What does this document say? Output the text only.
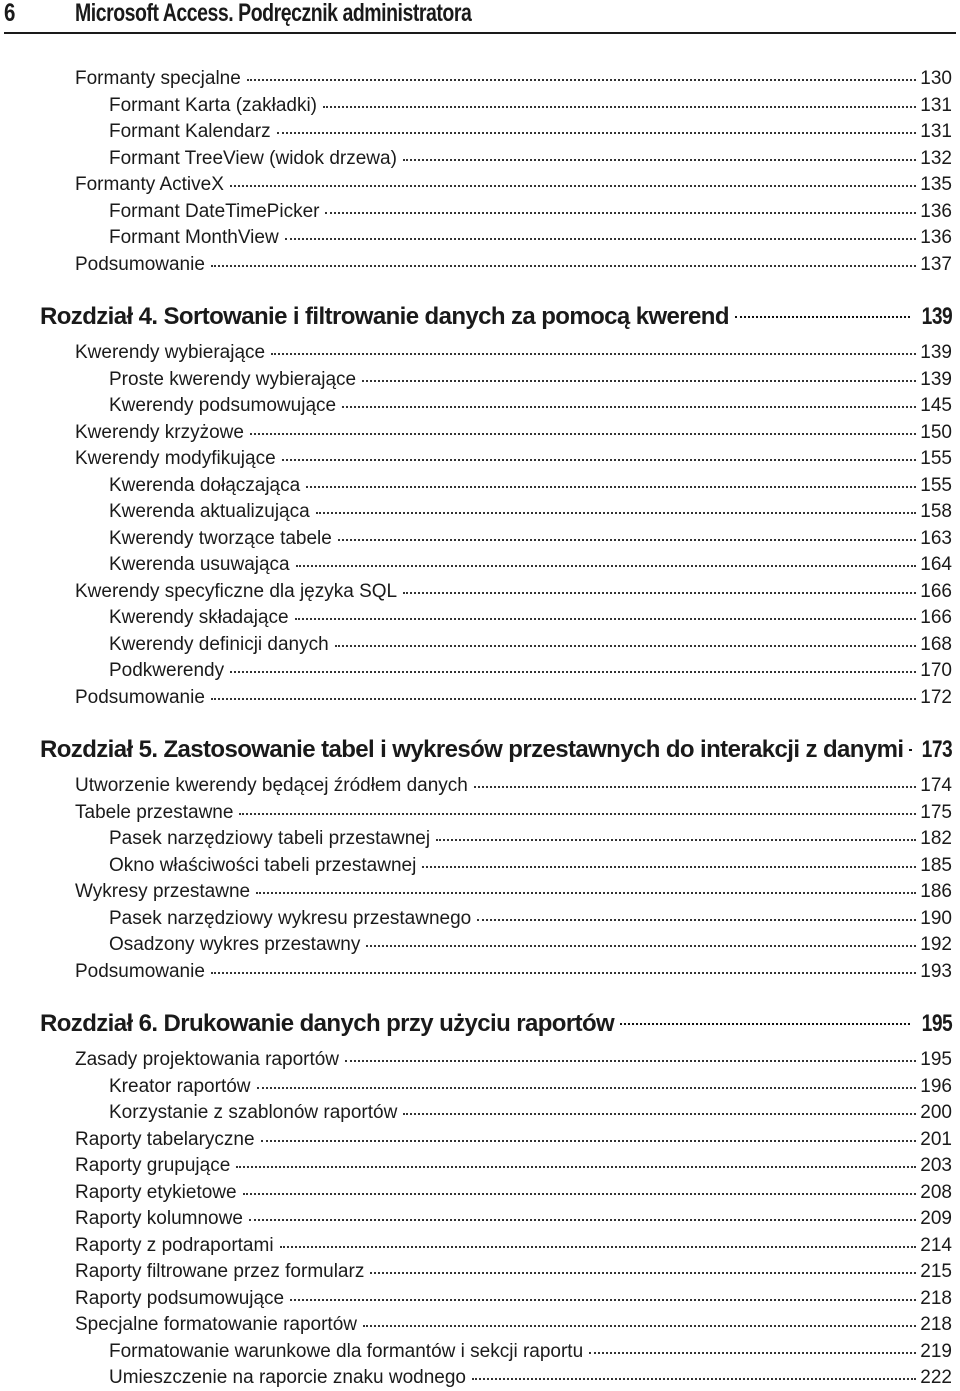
6 Microsoft Access. Podręcznik administratora
Formanty specjalne	130
Formant Karta (zakładki)	131
Formant Kalendarz	131
Formant TreeView (widok drzewa)	132
Formanty ActiveX	135
Formant DateTimePicker	136
Formant MonthView	136
Podsumowanie	137
Rozdział 4. Sortowanie i filtrowanie danych za pomocą kwerend	139
Kwerendy wybierające	139
Proste kwerendy wybierające	139
Kwerendy podsumowujące	145
Kwerendy krzyżowe	150
Kwerendy modyfikujące	155
Kwerenda dołączająca	155
Kwerenda aktualizująca	158
Kwerendy tworzące tabele	163
Kwerenda usuwająca	164
Kwerendy specyficzne dla języka SQL	166
Kwerendy składające	166
Kwerendy definicji danych	168
Podkwerendy	170
Podsumowanie	172
Rozdział 5. Zastosowanie tabel i wykresów przestawnych do interakcji z danymi 173
Utworzenie kwerendy będącej źródłem danych	174
Tabele przestawne	175
Pasek narzędziowy tabeli przestawnej	182
Okno właściwości tabeli przestawnej	185
Wykresy przestawne	186
Pasek narzędziowy wykresu przestawnego	190
Osadzony wykres przestawny	192
Podsumowanie	193
Rozdział 6. Drukowanie danych przy użyciu raportów	195
Zasady projektowania raportów	195
Kreator raportów	196
Korzystanie z szablonów raportów	200
Raporty tabelaryczne	201
Raporty grupujące	203
Raporty etykietowe	208
Raporty kolumnowe	209
Raporty z podraportami	214
Raporty filtrowane przez formularz	215
Raporty podsumowujące	218
Specjalne formatowanie raportów	218
Formatowanie warunkowe dla formantów i sekcji raportu	219
Umieszczenie na raporcie znaku wodnego	222
